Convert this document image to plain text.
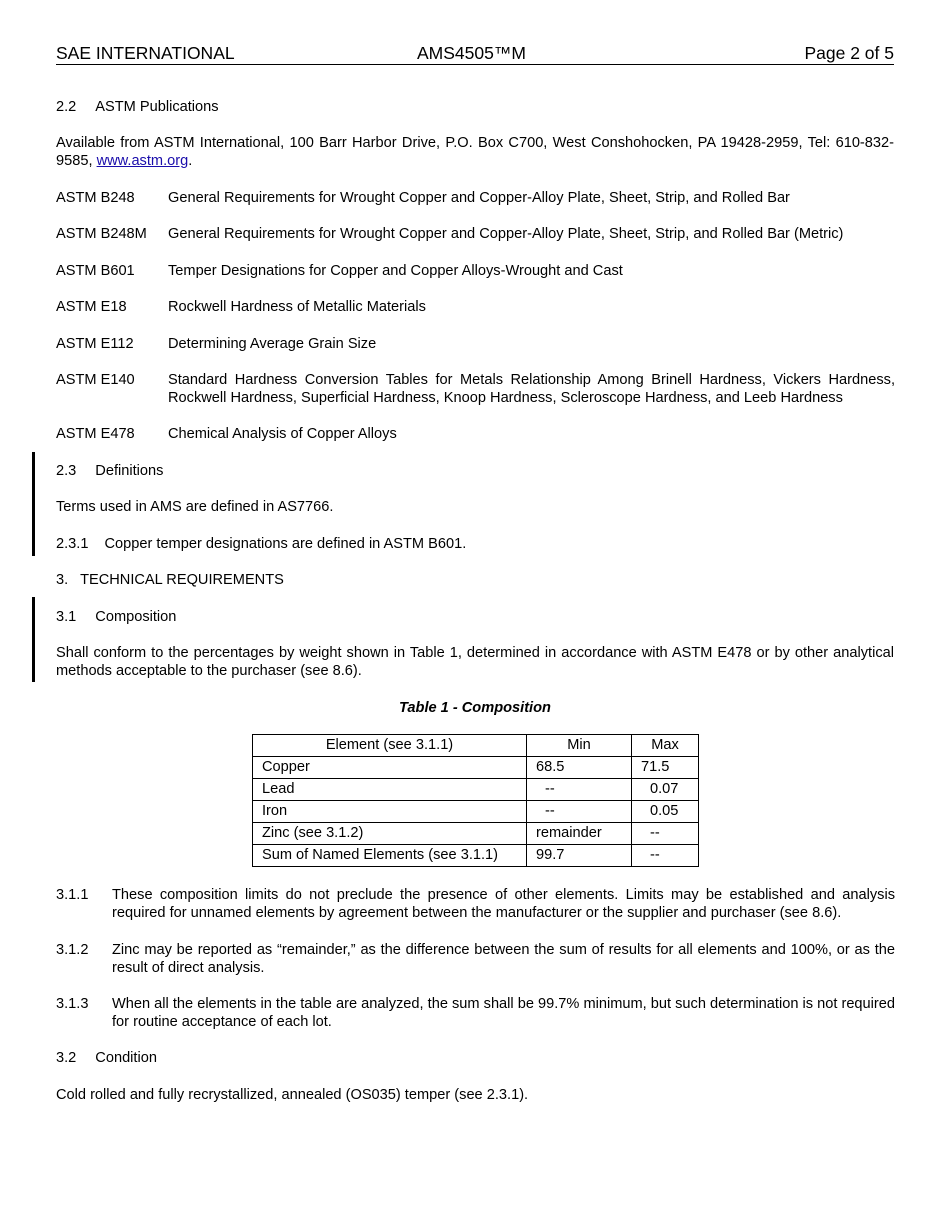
SAE INTERNATIONAL	AMS4505™M	Page 2 of 5
2.2 ASTM Publications
Available from ASTM International, 100 Barr Harbor Drive, P.O. Box C700, West Conshohocken, PA 19428-2959, Tel: 610-832-9585, www.astm.org.
ASTM B248 General Requirements for Wrought Copper and Copper-Alloy Plate, Sheet, Strip, and Rolled Bar
ASTM B248M General Requirements for Wrought Copper and Copper-Alloy Plate, Sheet, Strip, and Rolled Bar (Metric)
ASTM B601 Temper Designations for Copper and Copper Alloys-Wrought and Cast
ASTM E18	Rockwell Hardness of Metallic Materials
ASTM E112 Determining Average Grain Size
ASTM E140 Standard Hardness Conversion Tables for Metals Relationship Among Brinell Hardness, Vickers Hardness, Rockwell Hardness, Superficial Hardness, Knoop Hardness, Scleroscope Hardness, and Leeb Hardness
ASTM E478 Chemical Analysis of Copper Alloys
2.3 Definitions
Terms used in AMS are defined in AS7766.
2.3.1 Copper temper designations are defined in ASTM B601.
3.   TECHNICAL REQUIREMENTS
3.1 Composition
Shall conform to the percentages by weight shown in Table 1, determined in accordance with ASTM E478 or by other analytical methods acceptable to the purchaser (see 8.6).
Table 1 - Composition
Element (see 3.1.1)	Min	Max
Copper	68.5	71.5
Lead	--	0.07
Iron	--	0.05
Zinc (see 3.1.2)	remainder	--
Sum of Named Elements (see 3.1.1)	99.7	--
3.1.1 These composition limits do not preclude the presence of other elements. Limits may be established and analysis required for unnamed elements by agreement between the manufacturer or the supplier and purchaser (see 8.6).
3.1.2 Zinc may be reported as “remainder,” as the difference between the sum of results for all elements and 100%, or as the result of direct analysis.
3.1.3 When all the elements in the table are analyzed, the sum shall be 99.7% minimum, but such determination is not required for routine acceptance of each lot.
3.2 Condition
Cold rolled and fully recrystallized, annealed (OS035) temper (see 2.3.1).
